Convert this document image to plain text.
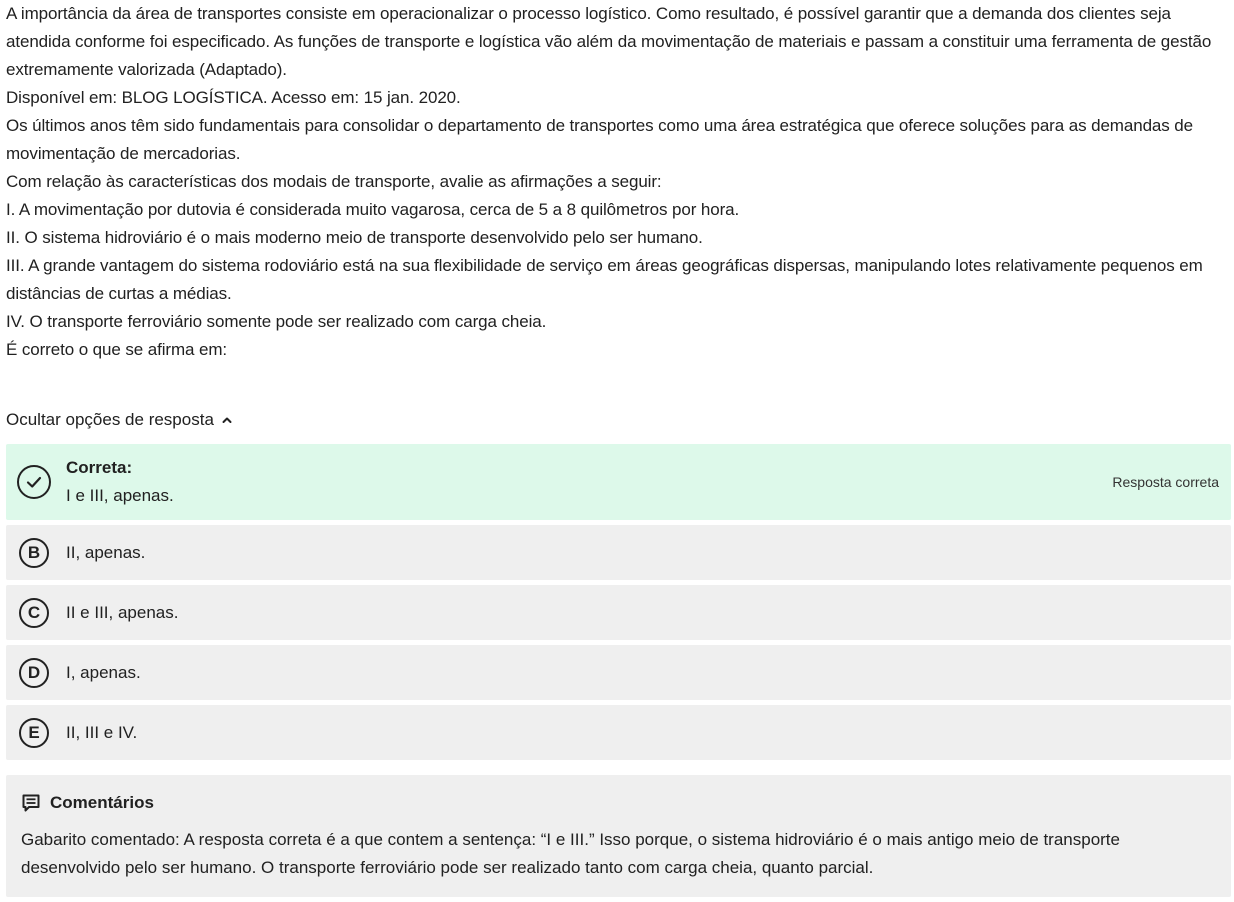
A importância da área de transportes consiste em operacionalizar o processo logístico. Como resultado, é possível garantir que a demanda dos clientes seja atendida conforme foi especificado. As funções de transporte e logística vão além da movimentação de materiais e passam a constituir uma ferramenta de gestão extremamente valorizada (Adaptado).

Disponível em: BLOG LOGÍSTICA. Acesso em: 15 jan. 2020.

Os últimos anos têm sido fundamentais para consolidar o departamento de transportes como uma área estratégica que oferece soluções para as demandas de movimentação de mercadorias.

Com relação às características dos modais de transporte, avalie as afirmações a seguir:

I. A movimentação por dutovia é considerada muito vagarosa, cerca de 5 a 8 quilômetros por hora.

II. O sistema hidroviário é o mais moderno meio de transporte desenvolvido pelo ser humano.

III. A grande vantagem do sistema rodoviário está na sua flexibilidade de serviço em áreas geográficas dispersas, manipulando lotes relativamente pequenos em distâncias de curtas a médias.

IV. O transporte ferroviário somente pode ser realizado com carga cheia.

É correto o que se afirma em:

Ocultar opções de resposta
Correta:
I e III, apenas.
Resposta correta
B	II, apenas.
C	II e III, apenas.
D	I, apenas.
E	II, III e IV.
Comentários
Gabarito comentado: A resposta correta é a que contem a sentença: “I e III.” Isso porque, o sistema hidroviário é o mais antigo meio de transporte desenvolvido pelo ser humano. O transporte ferroviário pode ser realizado tanto com carga cheia, quanto parcial.
